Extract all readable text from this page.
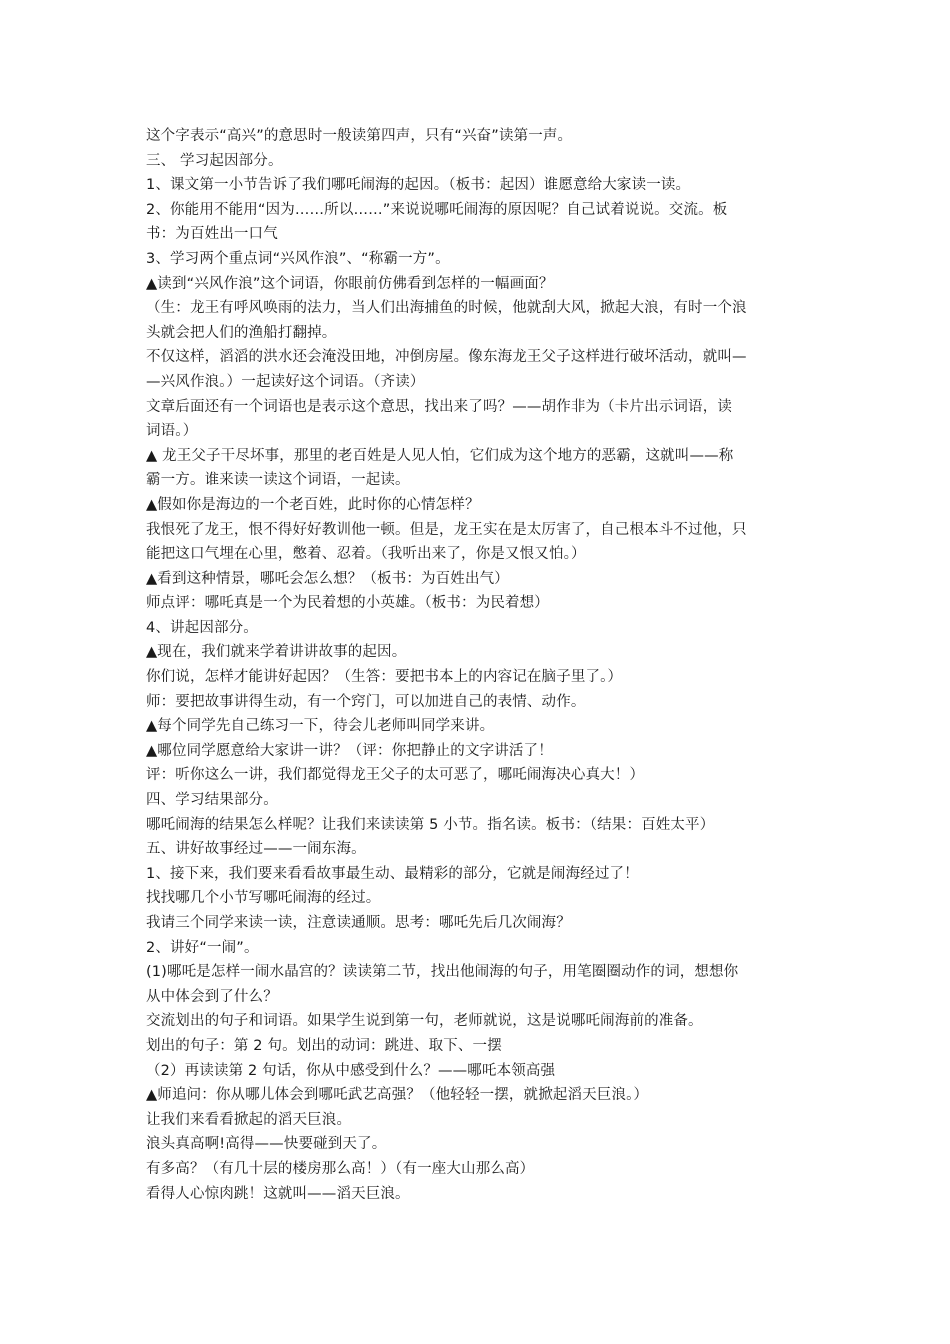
这个字表示“高兴”的意思时一般读第四声，只有“兴奋”读第一声。
三、 学习起因部分。
1、课文第一小节告诉了我们哪吒闹海的起因。（板书：起因）谁愿意给大家读一读。
2、你能用不能用“因为……所以……”来说说哪吒闹海的原因呢？自己试着说说。交流。板
书：为百姓出一口气
3、学习两个重点词“兴风作浪”、“称霸一方”。
▲读到“兴风作浪”这个词语，你眼前仿佛看到怎样的一幅画面？
（生：龙王有呼风唤雨的法力，当人们出海捕鱼的时候，他就刮大风，掀起大浪，有时一个浪
头就会把人们的渔船打翻掉。
不仅这样，滔滔的洪水还会淹没田地，冲倒房屋。像东海龙王父子这样进行破坏活动，就叫—
—兴风作浪。）一起读好这个词语。（齐读）
文章后面还有一个词语也是表示这个意思，找出来了吗？——胡作非为（卡片出示词语，读
词语。）
▲ 龙王父子干尽坏事，那里的老百姓是人见人怕，它们成为这个地方的恶霸，这就叫——称
霸一方。谁来读一读这个词语，一起读。
▲假如你是海边的一个老百姓，此时你的心情怎样？
我恨死了龙王，恨不得好好教训他一顿。但是，龙王实在是太厉害了，自己根本斗不过他，只
能把这口气埋在心里，憋着、忍着。（我听出来了，你是又恨又怕。）
▲看到这种情景，哪吒会怎么想？（板书：为百姓出气）
师点评：哪吒真是一个为民着想的小英雄。（板书：为民着想）
4、讲起因部分。
▲现在，我们就来学着讲讲故事的起因。
你们说，怎样才能讲好起因？（生答：要把书本上的内容记在脑子里了。）
师：要把故事讲得生动，有一个窍门，可以加进自己的表情、动作。
▲每个同学先自己练习一下，待会儿老师叫同学来讲。
▲哪位同学愿意给大家讲一讲？（评：你把静止的文字讲活了！
评：听你这么一讲，我们都觉得龙王父子的太可恶了，哪吒闹海决心真大！）
四、学习结果部分。
哪吒闹海的结果怎么样呢？让我们来读读第 5 小节。指名读。板书：（结果：百姓太平）
五、讲好故事经过——一闹东海。
1、接下来，我们要来看看故事最生动、最精彩的部分，它就是闹海经过了！
找找哪几个小节写哪吒闹海的经过。
我请三个同学来读一读，注意读通顺。思考：哪吒先后几次闹海？
2、讲好“一闹”。
(1)哪吒是怎样一闹水晶宫的？读读第二节，找出他闹海的句子，用笔圈圈动作的词，想想你
从中体会到了什么？
交流划出的句子和词语。如果学生说到第一句，老师就说，这是说哪吒闹海前的准备。
划出的句子：第 2 句。划出的动词：跳进、取下、一摆
（2）再读读第 2 句话，你从中感受到什么？——哪吒本领高强
▲师追问：你从哪儿体会到哪吒武艺高强？（他轻轻一摆，就掀起滔天巨浪。）
让我们来看看掀起的滔天巨浪。
浪头真高啊!高得——快要碰到天了。
有多高？（有几十层的楼房那么高！）（有一座大山那么高）
看得人心惊肉跳！这就叫——滔天巨浪。
